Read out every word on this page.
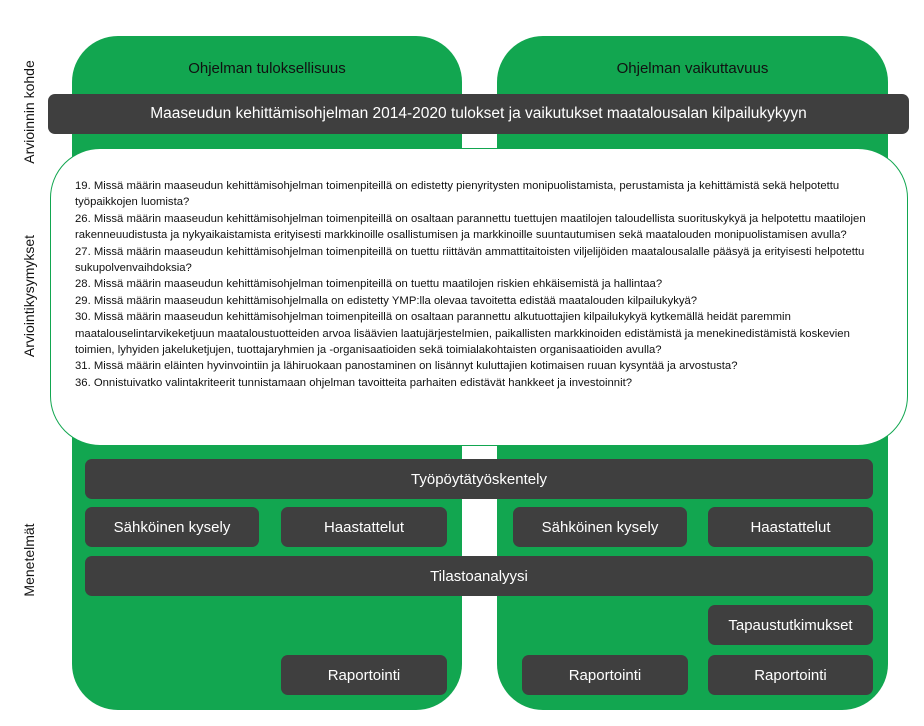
Ohjelman tuloksellisuus	Ohjelman vaikuttavuus
Arvioinnin kohde
Arviointikysymykset
Menetelmät
Maaseudun kehittämisohjelman 2014-2020 tulokset ja vaikutukset maatalousalan kilpailukykyyn

19. Missä määrin maaseudun kehittämisohjelman toimenpiteillä on edistetty pienyritysten monipuolistamista, perustamista ja kehittämistä sekä helpotettu työpaikkojen luomista?

26. Missä määrin maaseudun kehittämisohjelman toimenpiteillä on osaltaan parannettu tuettujen maatilojen taloudellista suorituskykyä ja helpotettu maatilojen rakenneuudistusta ja nykyaikaistamista erityisesti markkinoille osallistumisen ja markkinoille suuntautumisen sekä maatalouden monipuolistamisen avulla?

27. Missä määrin maaseudun kehittämisohjelman toimenpiteillä on tuettu riittävän ammattitaitoisten viljelijöiden maatalousalalle pääsyä ja erityisesti helpotettu sukupolvenvaihdoksia?

28. Missä määrin maaseudun kehittämisohjelman toimenpiteillä on tuettu maatilojen riskien ehkäisemistä ja hallintaa?

29. Missä määrin maaseudun kehittämisohjelmalla on edistetty YMP:lla olevaa tavoitetta edistää maatalouden kilpailukykyä?

30. Missä määrin maaseudun kehittämisohjelman toimenpiteillä on osaltaan parannettu alkutuottajien kilpailukykyä kytkemällä heidät paremmin maatalouselintarvikeketjuun maataloustuotteiden arvoa lisäävien laatujärjestelmien, paikallisten markkinoiden edistämistä ja menekinedistämistä koskevien toimien, lyhyiden jakeluketjujen, tuottajaryhmien ja -organisaatioiden sekä toimialakohtaisten organisaatioiden avulla?

31. Missä määrin eläinten hyvinvointiin ja lähiruokaan panostaminen on lisännyt kuluttajien kotimaisen ruuan kysyntää ja arvostusta?

36. Onnistuivatko valintakriteerit tunnistamaan ohjelman tavoitteita parhaiten edistävät hankkeet ja investoinnit?

Työpöytätyöskentely
Sähköinen kysely	Haastattelut	Sähköinen kysely	Haastattelut
Tilastoanalyysi
Tapaustutkimukset
Raportointi	Raportointi	Raportointi
